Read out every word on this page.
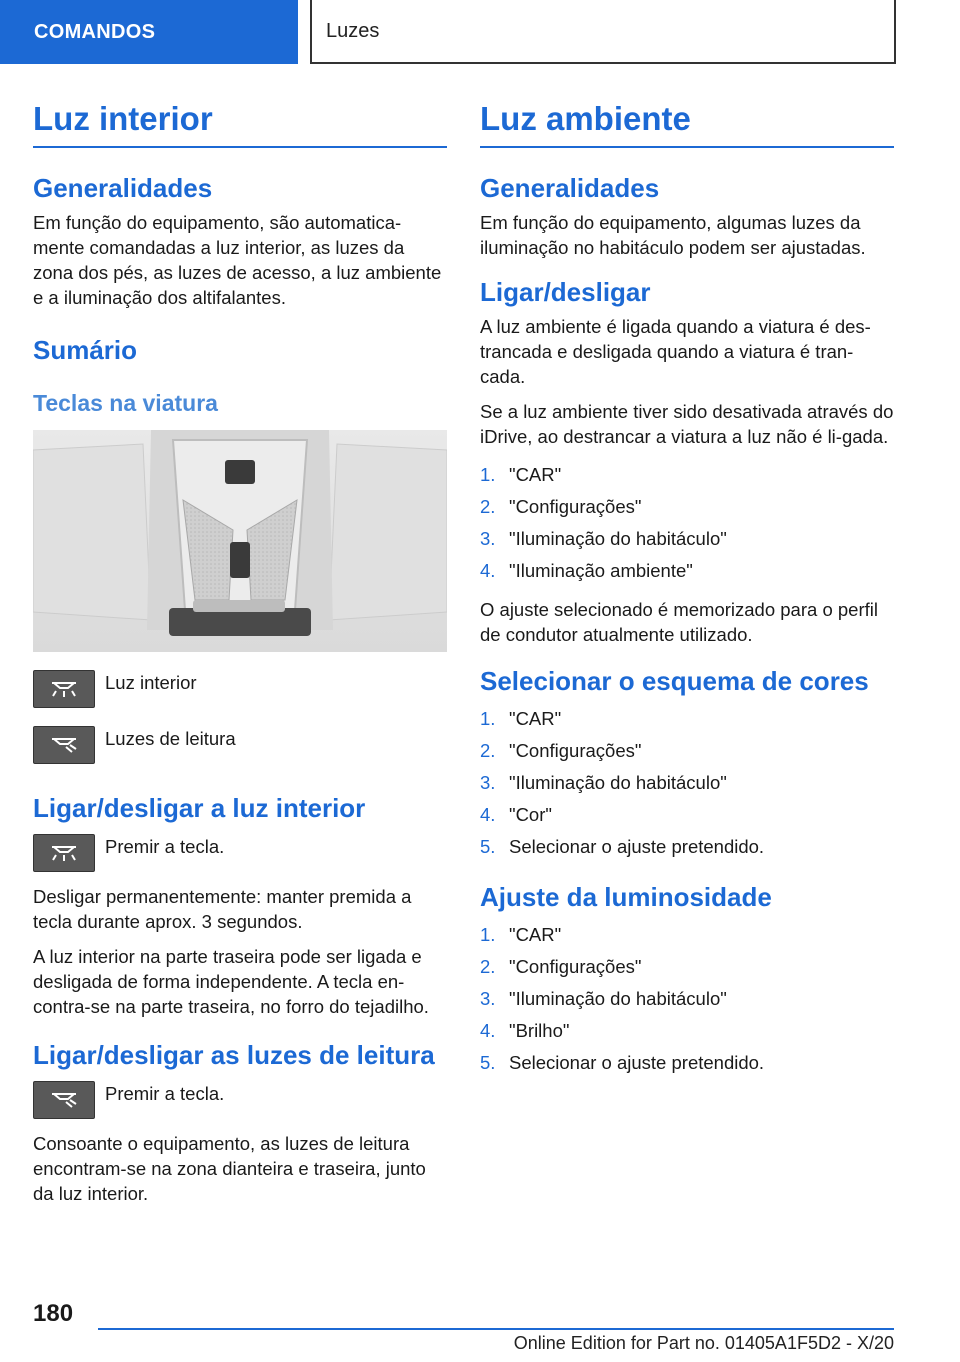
COMANDOS	Luzes
Luz interior
Generalidades

Em função do equipamento, são automatica-mente comandadas a luz interior, as luzes da zona dos pés, as luzes de acesso, a luz ambiente e a iluminação dos altifalantes.

Sumário
Teclas na viatura
Luz interior
Luzes de leitura
Ligar/desligar a luz interior
Premir a tecla.

Desligar permanentemente: manter premida a tecla durante aprox. 3 segundos.

A luz interior na parte traseira pode ser ligada e desligada de forma independente. A tecla en-contra-se na parte traseira, no forro do tejadilho.

Ligar/desligar as luzes de leitura
Premir a tecla.

Consoante o equipamento, as luzes de leitura encontram-se na zona dianteira e traseira, junto da luz interior.

Luz ambiente
Generalidades

Em função do equipamento, algumas luzes da iluminação no habitáculo podem ser ajustadas.

Ligar/desligar

A luz ambiente é ligada quando a viatura é des-trancada e desligada quando a viatura é tran-cada.

Se a luz ambiente tiver sido desativada através do iDrive, ao destrancar a viatura a luz não é li-gada.

1. "CAR"
2. "Configurações"
3. "Iluminação do habitáculo"
4. "Iluminação ambiente"

O ajuste selecionado é memorizado para o perfil de condutor atualmente utilizado.

Selecionar o esquema de cores
1. "CAR"
2. "Configurações"
3. "Iluminação do habitáculo"
4. "Cor"
5. Selecionar o ajuste pretendido.
Ajuste da luminosidade
1. "CAR"
2. "Configurações"
3. "Iluminação do habitáculo"
4. "Brilho"
5. Selecionar o ajuste pretendido.
180
Online Edition for Part no. 01405A1F5D2 - X/20
